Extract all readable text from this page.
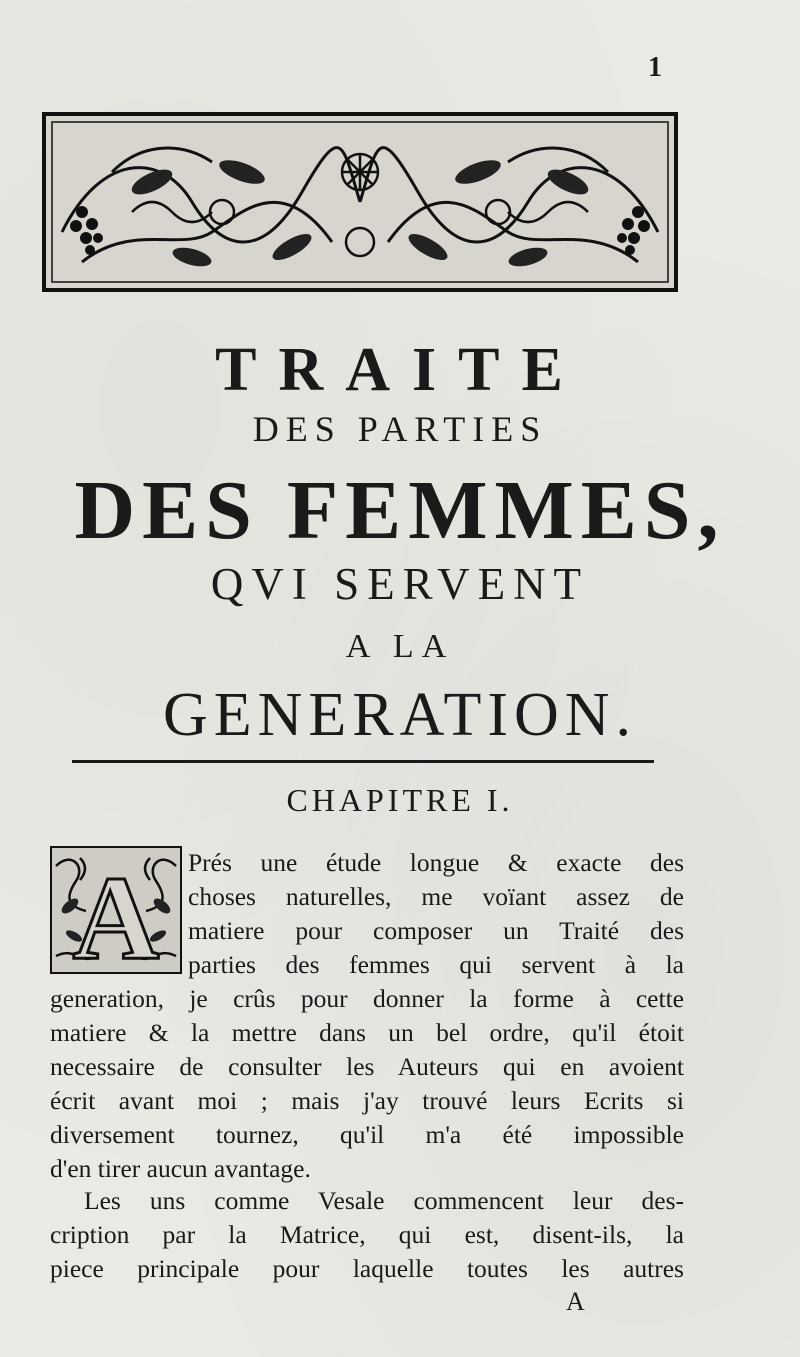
1
TRAITE
DES PARTIES
DES FEMMES,
QVI SERVENT
A LA
GENERATION.
CHAPITRE I.
A Prés une étude longue & exacte des
choses naturelles, me voïant assez de
matiere pour composer un Traité des
parties des femmes qui servent à la
generation, je crûs pour donner la forme à cette
matiere & la mettre dans un bel ordre, qu'il étoit
necessaire de consulter les Auteurs qui en avoient
écrit avant moi ; mais j'ay trouvé leurs Ecrits si
diversement tournez, qu'il m'a été impossible
d'en tirer aucun avantage.
Les uns comme Vesale commencent leur des-
cription par la Matrice, qui est, disent-ils, la
piece principale pour laquelle toutes les autres
A
